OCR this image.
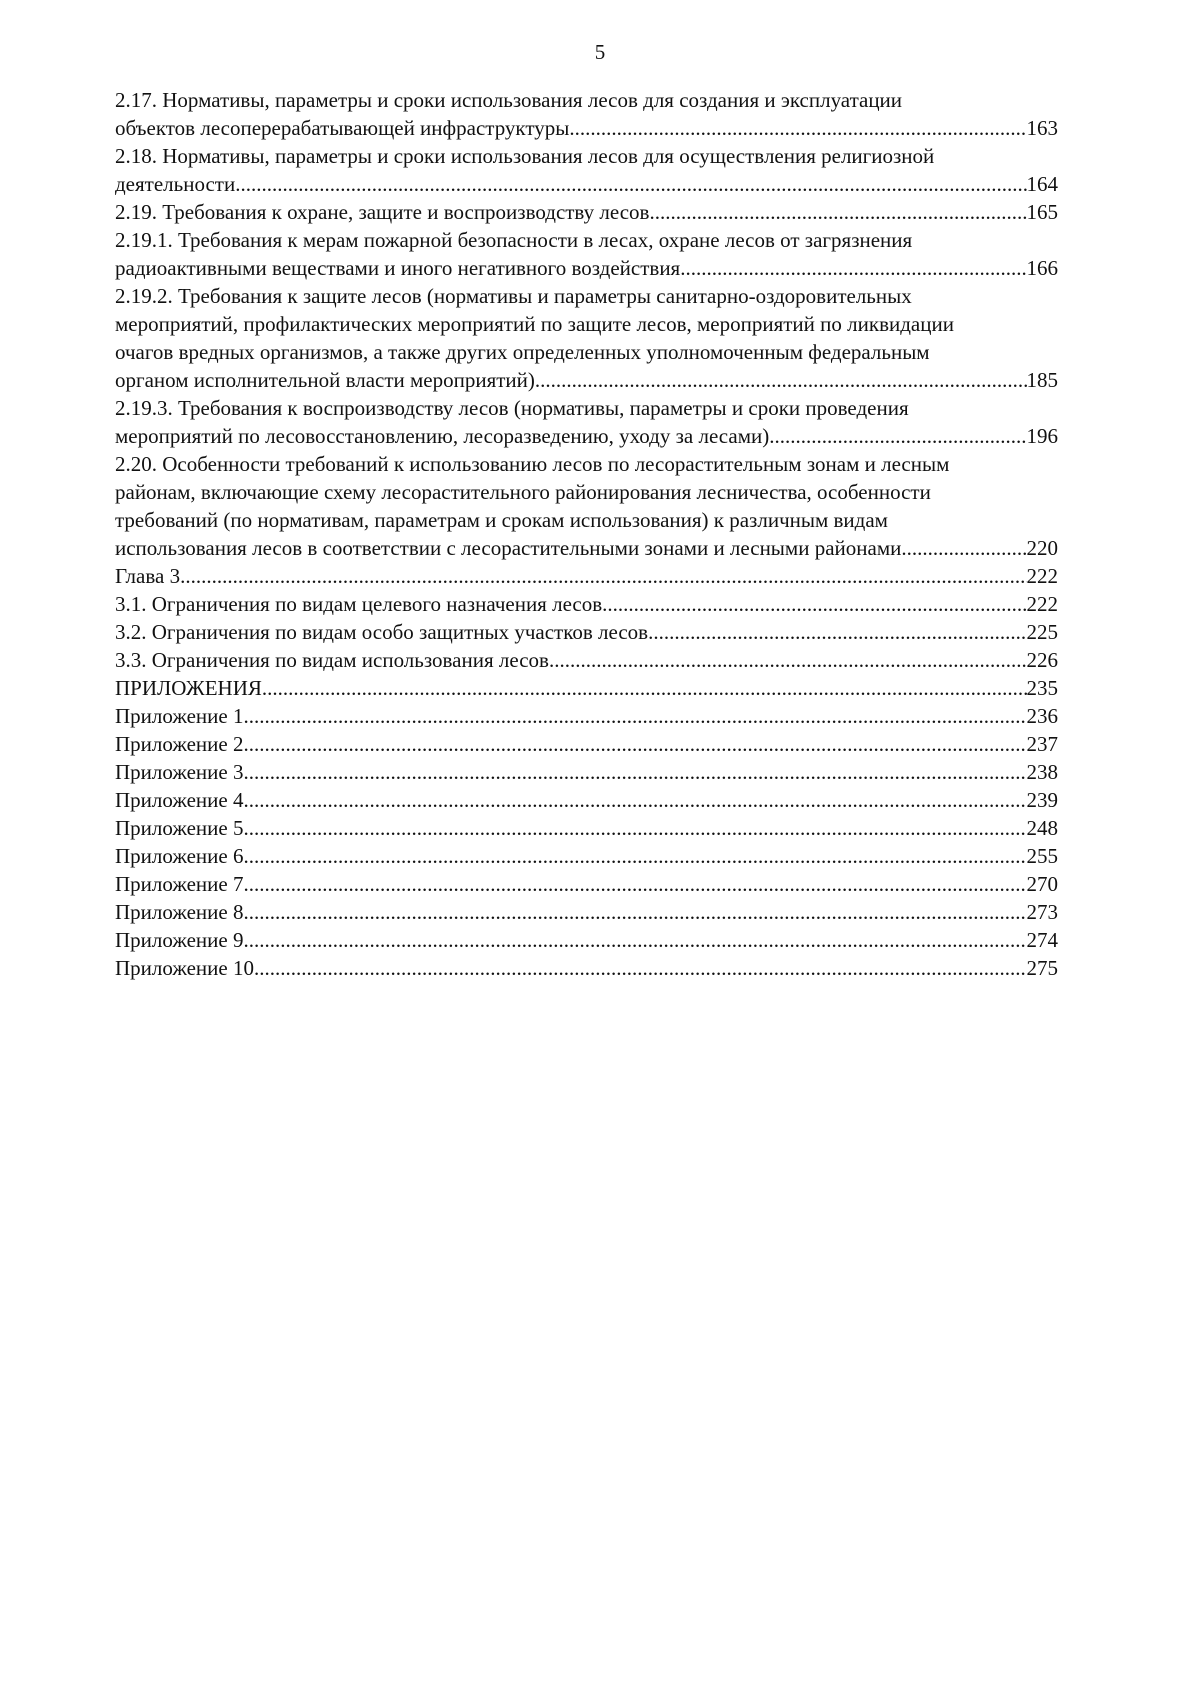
5
2.17. Нормативы, параметры и сроки использования лесов для создания и эксплуатации
объектов лесоперерабатывающей инфраструктуры .....	163
2.18. Нормативы, параметры и сроки использования лесов для осуществления религиозной
деятельности .....	164
2.19. Требования к охране, защите и воспроизводству лесов .....	165
2.19.1. Требования к мерам пожарной безопасности в лесах, охране лесов от загрязнения
радиоактивными веществами и иного негативного воздействия .....	166
2.19.2. Требования к защите лесов (нормативы и параметры санитарно-оздоровительных
мероприятий, профилактических мероприятий по защите лесов, мероприятий по ликвидации
очагов вредных организмов, а также других определенных уполномоченным федеральным
органом исполнительной власти мероприятий) .....	185
2.19.3. Требования к воспроизводству лесов (нормативы, параметры и сроки проведения
мероприятий по лесовосстановлению, лесоразведению, уходу за лесами) .....	196
2.20. Особенности требований к использованию лесов по лесорастительным зонам и лесным
районам, включающие схему лесорастительного районирования лесничества, особенности
требований (по нормативам, параметрам и срокам использования) к различным видам
использования лесов в соответствии с лесорастительными зонами и лесными районами .....	220
Глава 3 .....	222
3.1. Ограничения по видам целевого назначения лесов .....	222
3.2. Ограничения по видам особо защитных участков лесов .....	225
3.3. Ограничения по видам использования лесов .....	226
ПРИЛОЖЕНИЯ .....	235
Приложение 1 .....	236
Приложение 2 .....	237
Приложение 3 .....	238
Приложение 4 .....	239
Приложение 5 .....	248
Приложение 6 .....	255
Приложение 7 .....	270
Приложение 8 .....	273
Приложение 9 .....	274
Приложение 10 .....	275
